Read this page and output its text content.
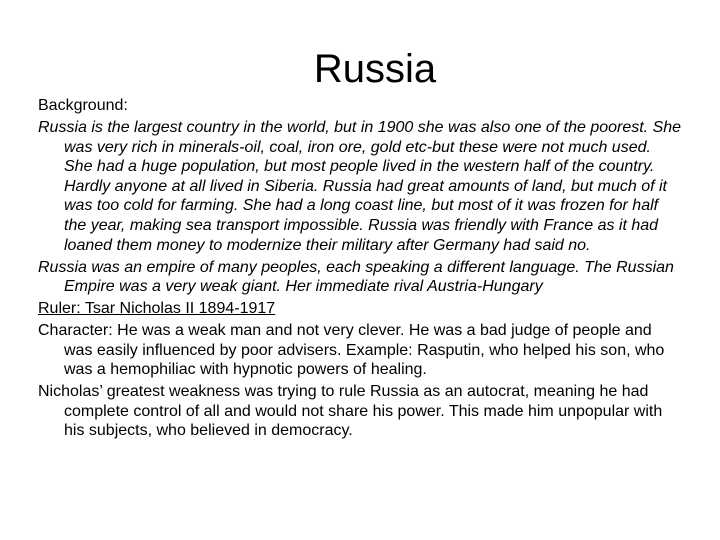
Russia

Background:

Russia is the largest country in the world, but in 1900 she was also one of the poorest. She was very rich in minerals-oil, coal, iron ore, gold etc-but these were not much used. She had a huge population, but most people lived in the western half of the country. Hardly anyone at all lived in Siberia. Russia had great amounts of land, but much of it was too cold for farming. She had a long coast line, but most of it was frozen for half the year, making sea transport impossible. Russia was friendly with France as it had loaned them money to modernize their military after Germany had said no.

Russia was an empire of many peoples, each speaking a different language. The Russian Empire was a very weak giant. Her immediate rival Austria-Hungary

Ruler: Tsar Nicholas II 1894-1917

Character: He was a weak man and not very clever. He was a bad judge of people and was easily influenced by poor advisers. Example: Rasputin, who helped his son, who was a hemophiliac with hypnotic powers of healing.

Nicholas’ greatest weakness was trying to rule Russia as an autocrat, meaning he had complete control of all and would not share his power. This made him unpopular with his subjects, who believed in democracy.
